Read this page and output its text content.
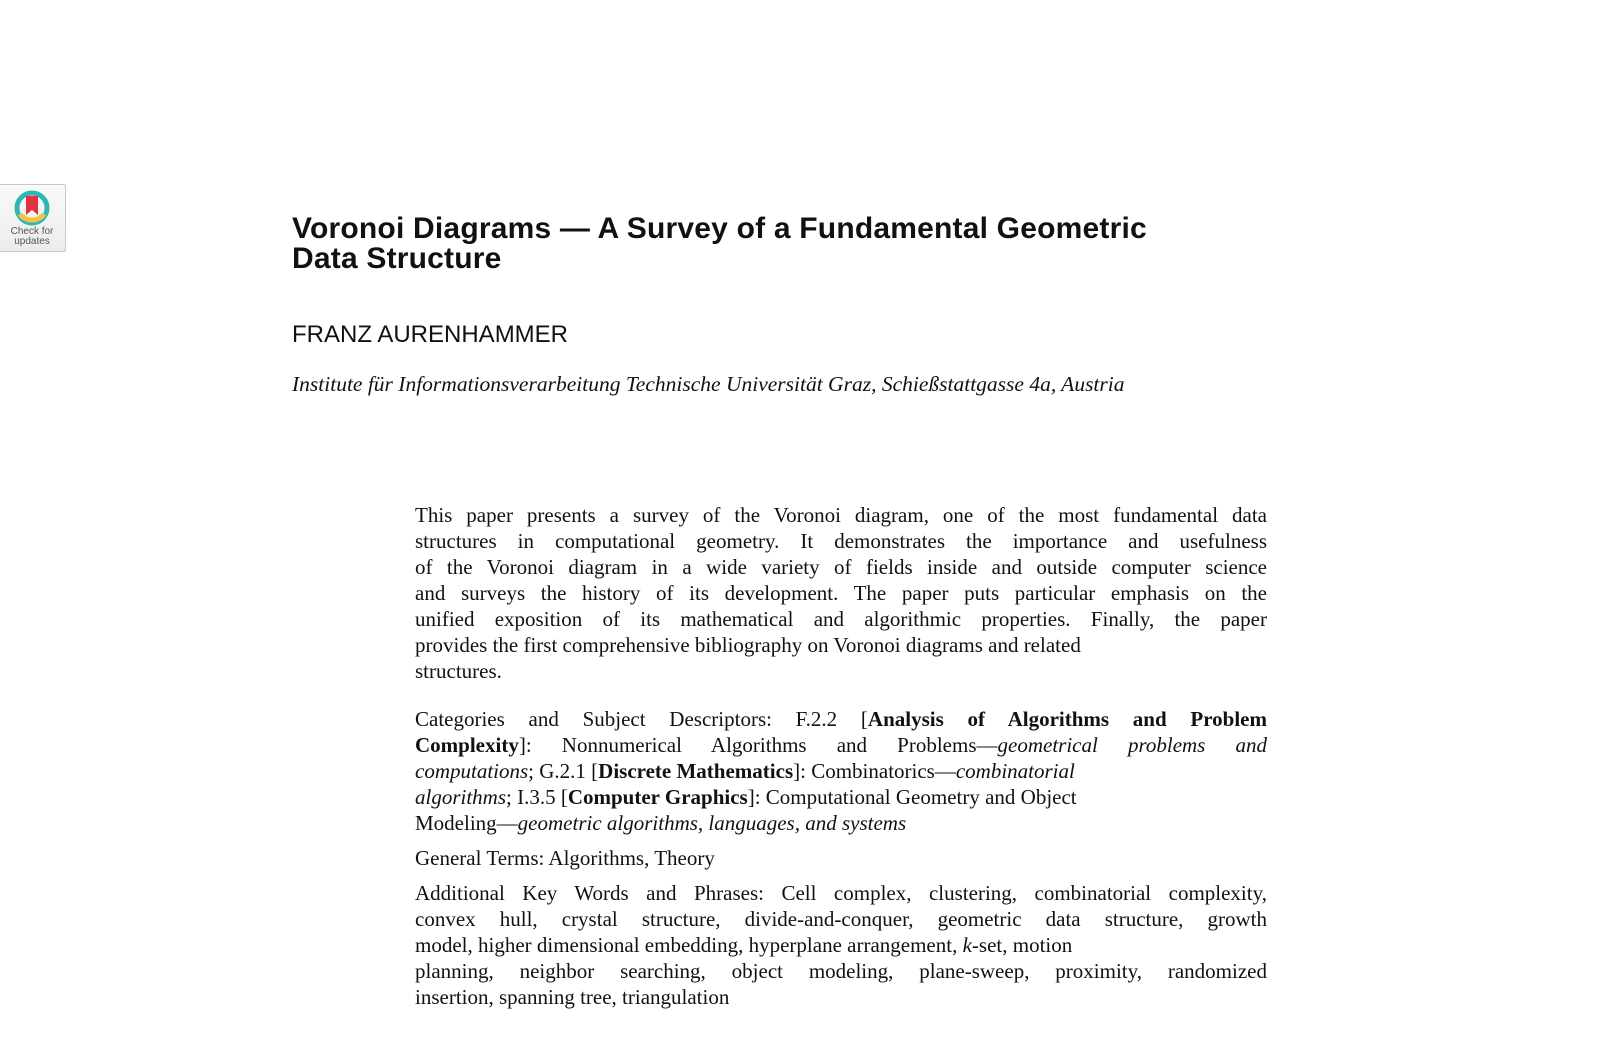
Check for
updates	Voronoi Diagrams — A Survey of a Fundamental Geometric
Data Structure
FRANZ AURENHAMMER
Institute für Informationsverarbeitung Technische Universität Graz, Schießstattgasse 4a, Austria
This paper presents a survey of the Voronoi diagram, one of the most fundamental data
structures in computational geometry. It demonstrates the importance and usefulness
of the Voronoi diagram in a wide variety of fields inside and outside computer science
and surveys the history of its development. The paper puts particular emphasis on the
unified exposition of its mathematical and algorithmic properties. Finally, the paper
provides the first comprehensive bibliography on Voronoi diagrams and related
structures.
Categories and Subject Descriptors: F.2.2 [Analysis of Algorithms and Problem
Complexity]: Nonnumerical Algorithms and Problems—geometrical problems and
computations; G.2.1 [Discrete Mathematics]: Combinatorics—combinatorial
algorithms; I.3.5 [Computer Graphics]: Computational Geometry and Object
Modeling—geometric algorithms, languages, and systems
General Terms: Algorithms, Theory
Additional Key Words and Phrases: Cell complex, clustering, combinatorial complexity,
convex hull, crystal structure, divide-and-conquer, geometric data structure, growth
model, higher dimensional embedding, hyperplane arrangement, k-set, motion
planning, neighbor searching, object modeling, plane-sweep, proximity, randomized
insertion, spanning tree, triangulation
